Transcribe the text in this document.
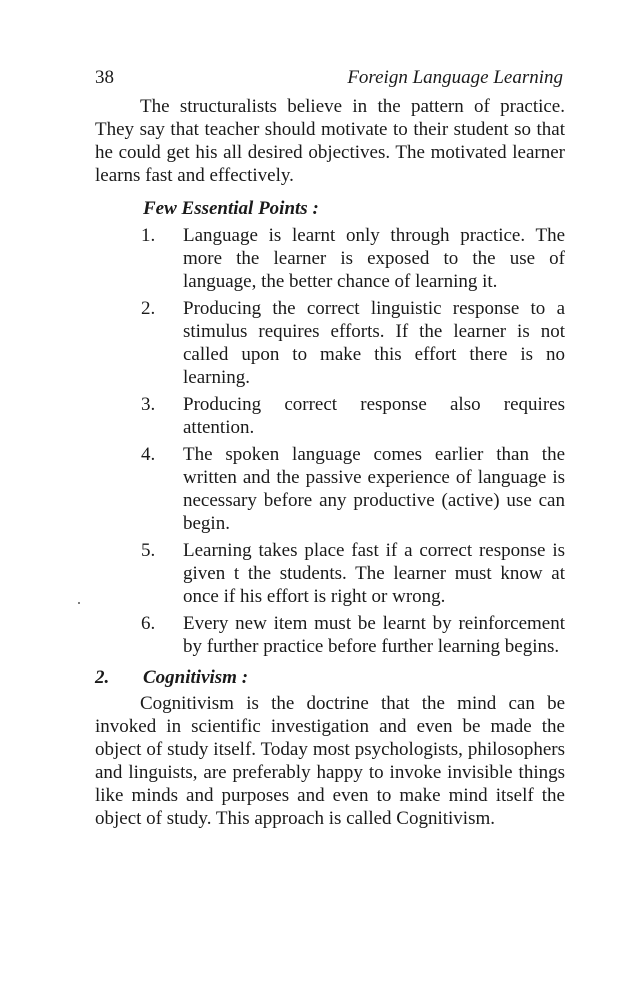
38	Foreign Language Learning

The structuralists believe in the pattern of practice. They say that teacher should motivate to their student so that he could get his all desired objectives. The motivated learner learns fast and effectively.

Few Essential Points :
1. Language is learnt only through practice. The more the learner is exposed to the use of language, the better chance of learning it.
2. Producing the correct linguistic response to a stimulus requires efforts. If the learner is not called upon to make this effort there is no learning.
3. Producing correct response also requires attention.
4. The spoken language comes earlier than the written and the passive experience of language is necessary before any productive (active) use can begin.
5. Learning takes place fast if a correct response is given t the students. The learner must know at once if his effort is right or wrong.
6. Every new item must be learnt by reinforcement by further practice before further learning begins.
2. Cognitivism :

Cognitivism is the doctrine that the mind can be invoked in scientific investigation and even be made the object of study itself. Today most psychologists, philosophers and linguists, are preferably happy to invoke invisible things like minds and purposes and even to make mind itself the object of study. This approach is called Cognitivism.
